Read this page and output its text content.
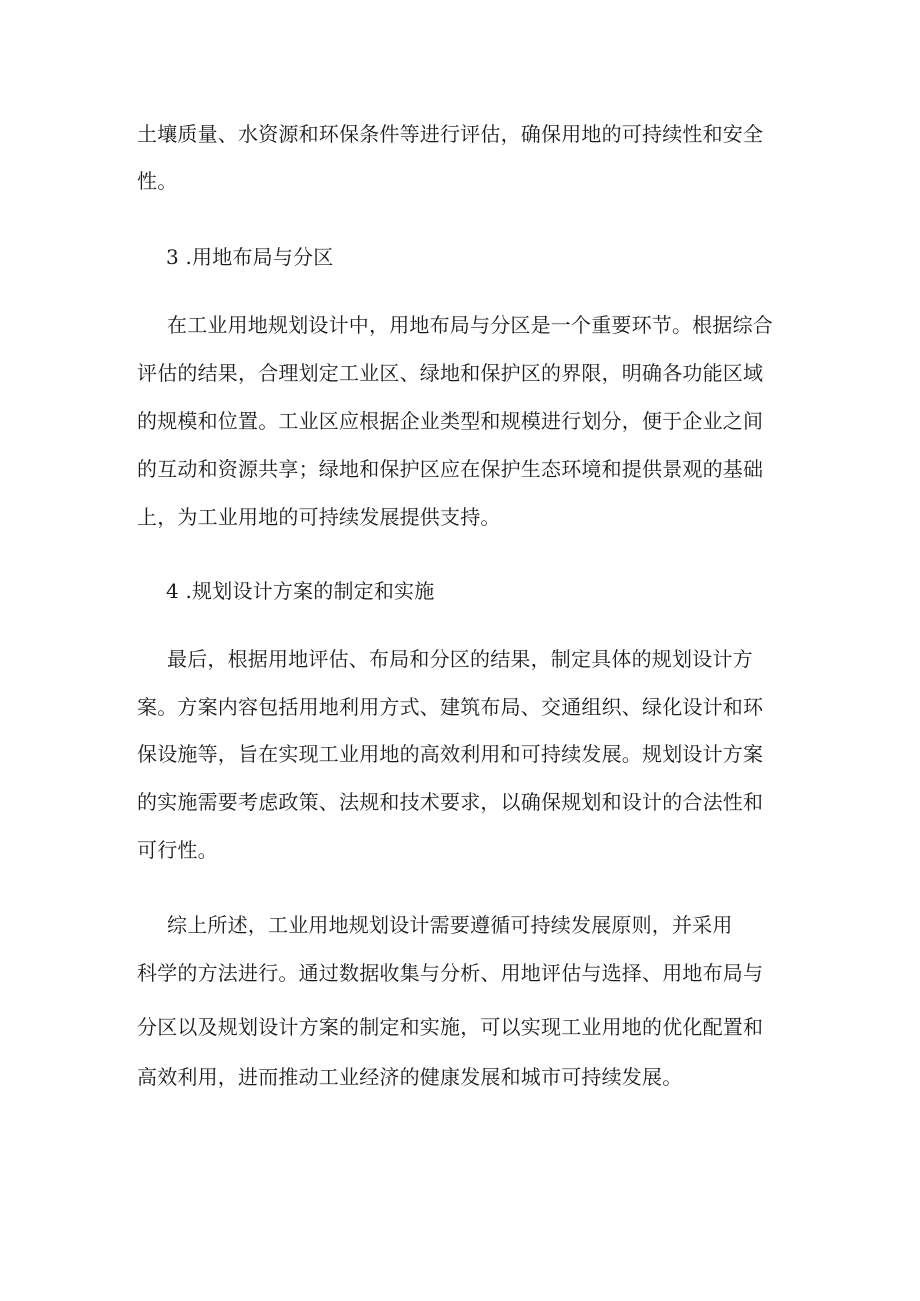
土壤质量、水资源和环保条件等进行评估，确保用地的可持续性和安全

性。

3 .用地布局与分区

在工业用地规划设计中，用地布局与分区是一个重要环节。根据综合

评估的结果，合理划定工业区、绿地和保护区的界限，明确各功能区域

的规模和位置。工业区应根据企业类型和规模进行划分，便于企业之间

的互动和资源共享；绿地和保护区应在保护生态环境和提供景观的基础

上，为工业用地的可持续发展提供支持。

4 .规划设计方案的制定和实施

最后，根据用地评估、布局和分区的结果，制定具体的规划设计方

案。方案内容包括用地利用方式、建筑布局、交通组织、绿化设计和环

保设施等，旨在实现工业用地的高效利用和可持续发展。规划设计方案

的实施需要考虑政策、法规和技术要求，以确保规划和设计的合法性和

可行性。

综上所述，工业用地规划设计需要遵循可持续发展原则，并采用

科学的方法进行。通过数据收集与分析、用地评估与选择、用地布局与

分区以及规划设计方案的制定和实施，可以实现工业用地的优化配置和

高效利用，进而推动工业经济的健康发展和城市可持续发展。
